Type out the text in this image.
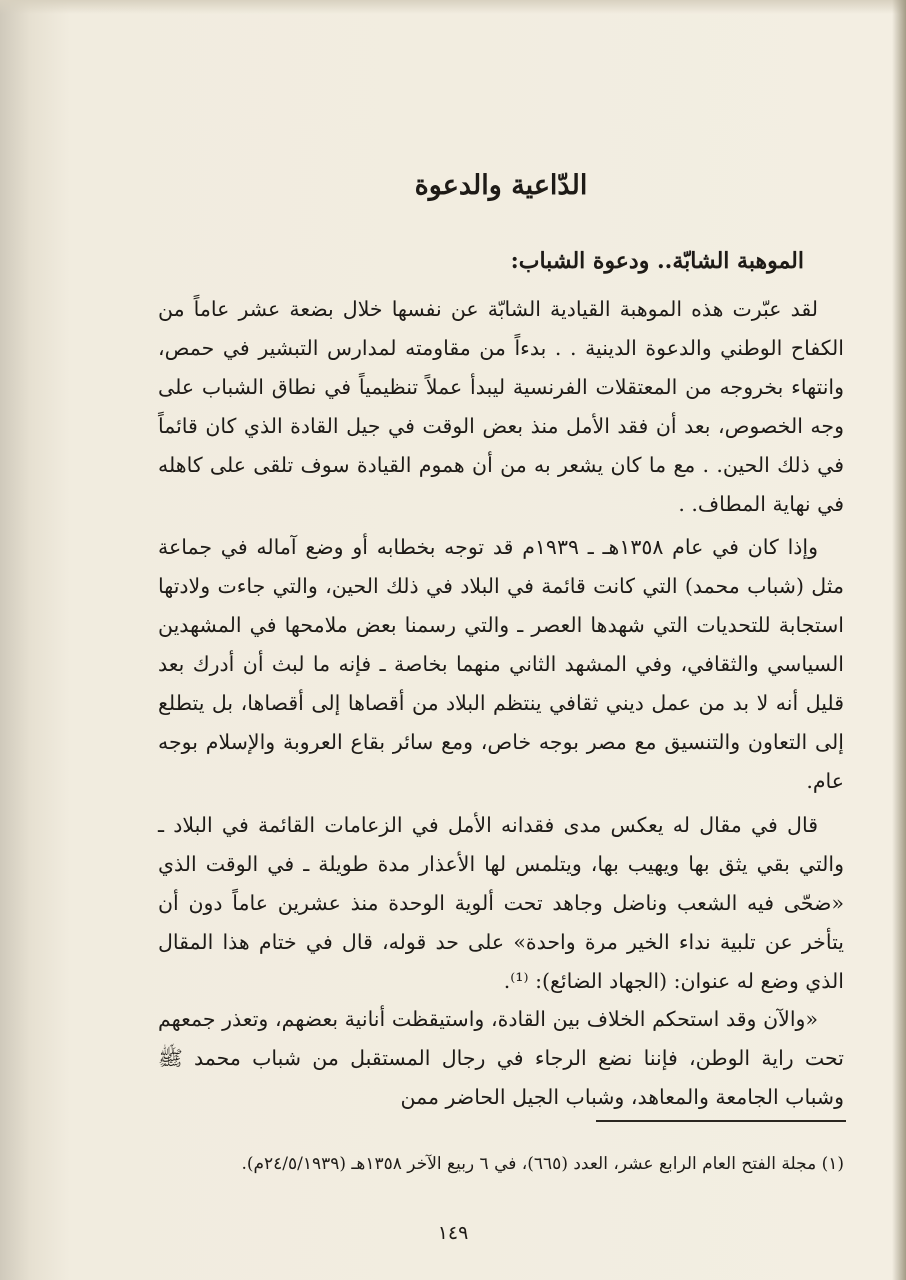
الدّاعية والدعوة
الموهبة الشابّة.. ودعوة الشباب:

لقد عبّرت هذه الموهبة القيادية الشابّة عن نفسها خلال بضعة عشر عاماً من الكفاح الوطني والدعوة الدينية . . بدءاً من مقاومته لمدارس التبشير في حمص، وانتهاء بخروجه من المعتقلات الفرنسية ليبدأ عملاً تنظيمياً في نطاق الشباب على وجه الخصوص، بعد أن فقد الأمل منذ بعض الوقت في جيل القادة الذي كان قائماً في ذلك الحين. . مع ما كان يشعر به من أن هموم القيادة سوف تلقى على كاهله في نهاية المطاف. .

وإذا كان في عام ١٣٥٨هـ ـ ١٩٣٩م قد توجه بخطابه أو وضع آماله في جماعة مثل (شباب محمد) التي كانت قائمة في البلاد في ذلك الحين، والتي جاءت ولادتها استجابة للتحديات التي شهدها العصر ـ والتي رسمنا بعض ملامحها في المشهدين السياسي والثقافي، وفي المشهد الثاني منهما بخاصة ـ فإنه ما لبث أن أدرك بعد قليل أنه لا بد من عمل ديني ثقافي ينتظم البلاد من أقصاها إلى أقصاها، بل يتطلع إلى التعاون والتنسيق مع مصر بوجه خاص، ومع سائر بقاع العروبة والإسلام بوجه عام.

قال في مقال له يعكس مدى فقدانه الأمل في الزعامات القائمة في البلاد ـ والتي بقي يثق بها ويهيب بها، ويتلمس لها الأعذار مدة طويلة ـ في الوقت الذي «ضحّى فيه الشعب وناضل وجاهد تحت ألوية الوحدة منذ عشرين عاماً دون أن يتأخر عن تلبية نداء الخير مرة واحدة» على حد قوله، قال في ختام هذا المقال الذي وضع له عنوان: (الجهاد الضائع): ⁽¹⁾.

«والآن وقد استحكم الخلاف بين القادة، واستيقظت أنانية بعضهم، وتعذر جمعهم تحت راية الوطن، فإننا نضع الرجاء في رجال المستقبل من شباب محمد ﷺ وشباب الجامعة والمعاهد، وشباب الجيل الحاضر ممن

(١) مجلة الفتح العام الرابع عشر، العدد (٦٦٥)، في ٦ ربيع الآخر ١٣٥٨هـ (٢٤/٥/١٩٣٩م).

١٤٩
